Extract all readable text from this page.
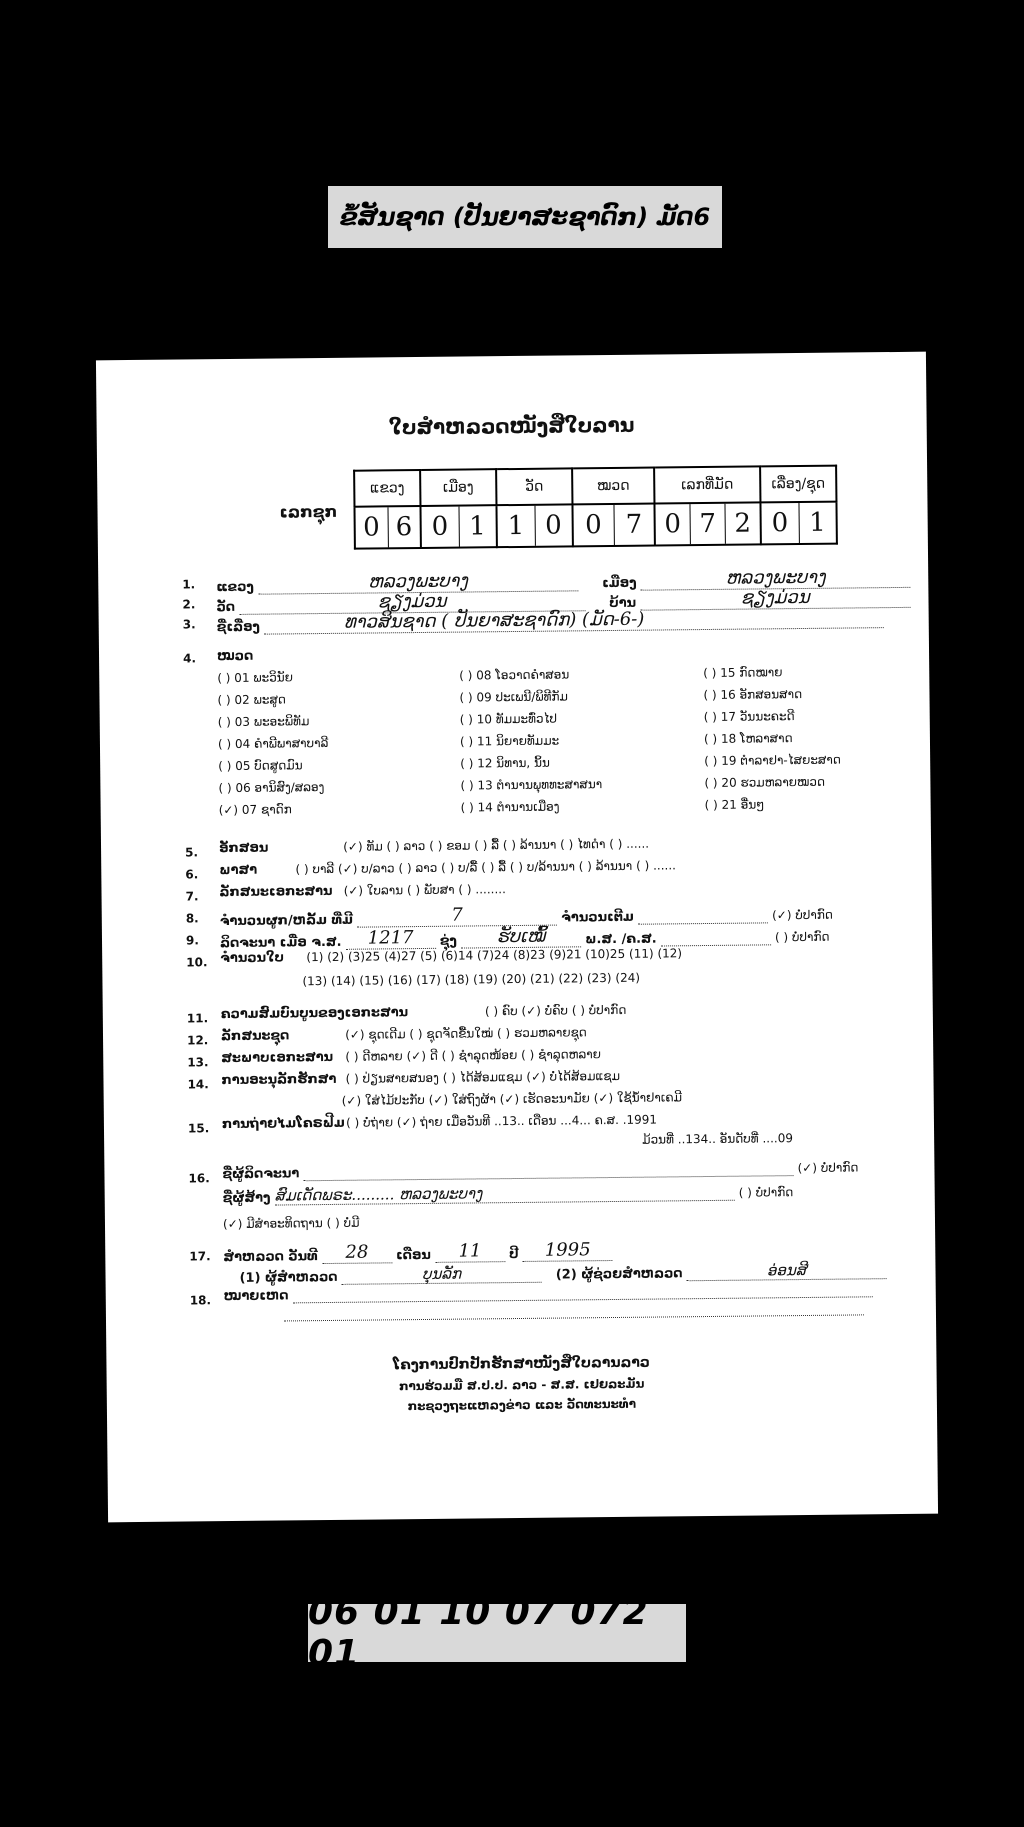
ຂໍ້ສັນຊາດ (ປັນຍາສະຊາດົກ) ມັດ6
ໃບສຳຫລວດໜັງສືໃບລານ
ເລກຊຸກ
ແຂວງ	ເມືອງ	ວັດ	ໝວດ	ເລກທີ່ມັດ	ເລື່ອງ/ຊຸດ

0 6	0 1	1 0	0 7	0 7 2	0 1
1. ແຂວງ	ຫລວງພະບາງ	ເມືອງ	ຫລວງພະບາງ
2. ວັດ	ຊຽງມ່ວນ	ບ້ານ	ຊຽງມ່ວນ
3. ຊື່ເລື່ອງ	ທາວສິນຊາດ ( ປັນຍາສະຊາດົກ) (ມັດ-6-)
4. ໝວດ
( ) 01 ພະວິນັຍ
( ) 02 ພະສູດ
( ) 03 ພະອະພິທັມ
( ) 04 ຄຳພີພາສາບາລີ
( ) 05 ບົດສູດມົນ
( ) 06 ອານິສົງ/ສລອງ
(✓) 07 ຊາດົກ
( ) 08 ໂອວາດຄຳສອນ
( ) 09 ປະເພນີ/ພິທີກັມ
( ) 10 ທັມມະທົ່ວໄປ
( ) 11 ນິຍາຍທັມມະ
( ) 12 ນິທານ, ນິ້ນ
( ) 13 ຕຳນານພຸທທະສາສນາ
( ) 14 ຕຳນານເມືອງ
( ) 15 ກົດໝາຍ
( ) 16 ອັກສອນສາດ
( ) 17 ວັນນະຄະດີ
( ) 18 ໂຫລາສາດ
( ) 19 ຕຳລາຢາ-ໄສຍະສາດ
( ) 20 ຮວມຫລາຍໝວດ
( ) 21 ອື່ນໆ
5. ອັກສອນ	(✓) ທັມ ( ) ລາວ ( ) ຂອມ ( ) ລື້ ( ) ລ້ານນາ ( ) ໄທດຳ ( ) ......
6. ພາສາ	( ) ບາລີ (✓) ບ/ລາວ ( ) ລາວ ( ) ບ/ລື້ ( ) ລື້ ( ) ບ/ລ້ານນາ ( ) ລ້ານນາ ( ) ......
7. ລັກສນະເອກະສານ (✓) ໃບລານ ( ) ພັບສາ ( ) ........
8. ຈຳນວນຜູກ/ຫລັ້ມ ທີ່ມີ	7	ຈຳນວນເຕີມ	(✓) ບໍ່ປາກົດ
9. ລິດຈະນາ ເມື່ອ ຈ.ສ. 1217 ຊຸ່ງ ຮັບເໝົ້	ພ.ສ. /ຄ.ສ.	( ) ບໍ່ປາກົດ
10. ຈຳນວນໃບ (1) (2) (3)25 (4)27 (5) (6)14 (7)24 (8)23 (9)21 (10)25 (11) (12)
(13) (14) (15) (16) (17) (18) (19) (20) (21) (22) (23) (24)
11. ຄວາມສົມບົນບູນຂອງເອກະສານ	( ) ຄົບ (✓) ບໍ່ຄົບ ( ) ບໍ່ປາກົດ
12. ລັກສນະຊຸດ	(✓) ຊຸດເດີມ ( ) ຊຸດຈັດຂື້ນໃໝ່ ( ) ຮວມຫລາຍຊຸດ
13. ສະພາບເອກະສານ ( ) ດີຫລາຍ (✓) ດີ ( ) ຊຳລຸດໜ້ອຍ ( ) ຊຳລຸດຫລາຍ
14. ການອະນຸລັກຮັກສາ ( ) ປ່ຽນສາຍສນອງ ( ) ໄດ້ສ້ອມແຊມ (✓) ບໍ່ໄດ້ສ້ອມແຊມ
(✓) ໃສ່ໄມ້ປະກັບ (✓) ໃສ່ຖົງຜ້າ (✓) ເຮັດອະນາມັຍ (✓) ໃຊ້ນ້ຳຢາເຄມີ
15. ການຖ່າຍໄມໂຄຣຟີມ ( ) ບໍ່ຖ່າຍ (✓) ຖ່າຍ ເມື່ອວັນທີ ..13.. ເດືອນ ...4... ຄ.ສ. .1991
ມ້ວນທີ່ ..134.. ອັນດັບທີ່ ....09
16. ຊື່ຜູ້ລິດຈະນາ	(✓) ບໍ່ປາກົດ
ຊື່ຜູ້ສ້າງ ສົມເດັດພຣະ......... ຫລວງພະບາງ	( ) ບໍ່ປາກົດ
(✓) ມີສຳອະທິດຖານ ( ) ບໍ່ມີ
17. ສຳຫລວດ ວັນທີ 28 ເດືອນ 11 ປີ 1995
(1) ຜູ້ສຳຫລວດ	ບຸນລັກ	(2) ຜູ້ຊ່ວຍສຳຫລວດ	ອ່ອນສີ
18. ໝາຍເຫດ
ໂຄງການປົກປັກຮັກສາໜັງສືໃບລານລາວ
ການຮ່ວມມື ສ.ປ.ປ. ລາວ - ສ.ສ. ເຢຍລະມັນ
ກະຊວງຖະແຫລງຂ່າວ ແລະ ວັດທະນະທຳ
06 01 10 07 072 01
